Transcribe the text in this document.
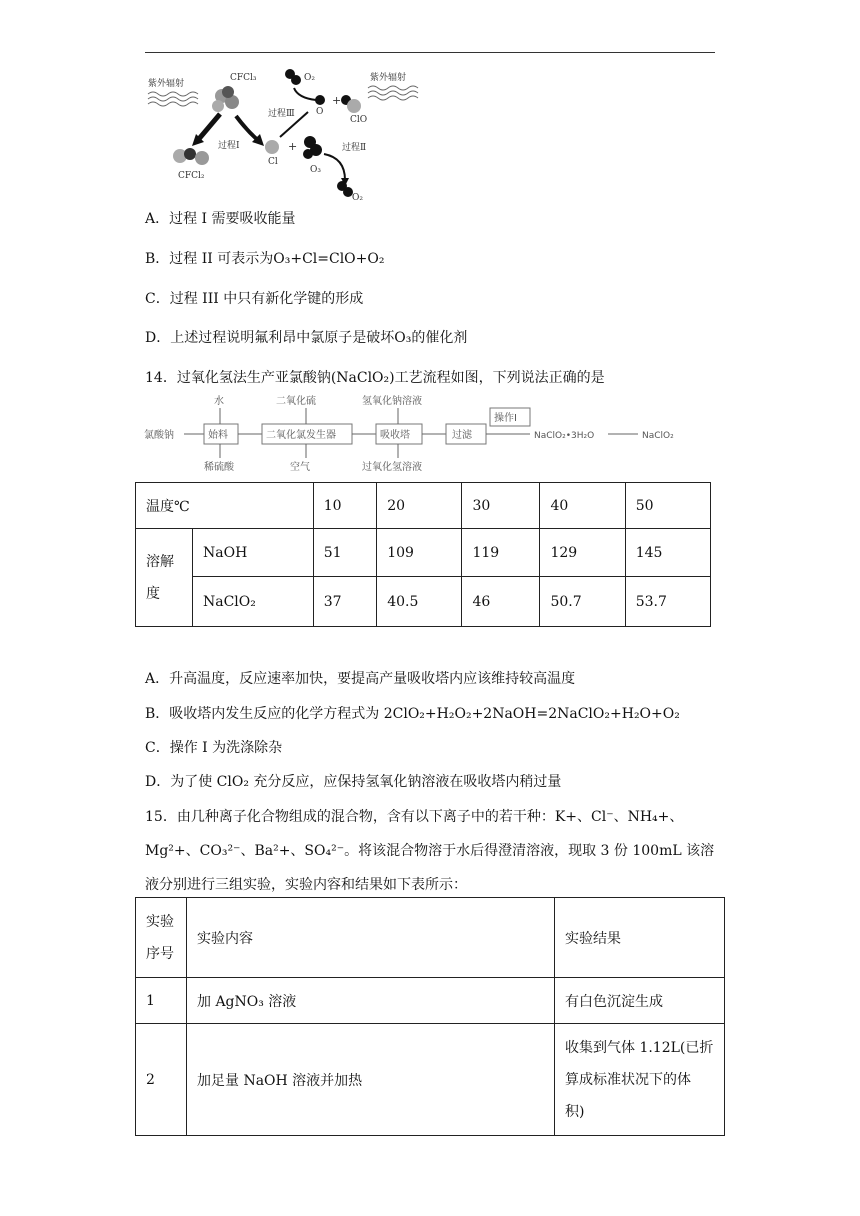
紫外辐射
CFCl₃
过程Ⅰ
CFCl₂
Cl
+
O₃
过程Ⅱ
O₂
过程Ⅲ
O₂
O
+
ClO
紫外辐射
A．过程 I 需要吸收能量
B．过程 II 可表示为O₃+Cl=ClO+O₂
C．过程 III 中只有新化学键的形成
D．上述过程说明氟利昂中氯原子是破坏O₃的催化剂
14．过氧化氢法生产亚氯酸钠(NaClO₂)工艺流程如图，下列说法正确的是
氯酸钠	始料
水
稀硫酸
二氧化氯发生器
二氧化硫
空气
吸收塔
氢氧化钠溶液
过氧化氢溶液
过滤
操作Ⅰ
NaClO₂•3H₂O	NaClO₂
温度℃		10	20	30	40	50

溶解
度	NaOH	51	109	119	129	145
	NaClO₂	37	40.5	46	50.7	53.7
A．升高温度，反应速率加快，要提高产量吸收塔内应该维持较高温度
B．吸收塔内发生反应的化学方程式为 2ClO₂+H₂O₂+2NaOH=2NaClO₂+H₂O+O₂
C．操作 I 为洗涤除杂
D．为了使 ClO₂ 充分反应，应保持氢氧化钠溶液在吸收塔内稍过量
15．由几种离子化合物组成的混合物，含有以下离子中的若干种：K+、Cl⁻、NH₄+、
Mg²+、CO₃²⁻、Ba²+、SO₄²⁻。将该混合物溶于水后得澄清溶液，现取 3 份 100mL 该溶
液分别进行三组实验，实验内容和结果如下表所示：
实验
序号	实验内容	实验结果
1	加 AgNO₃ 溶液	有白色沉淀生成
2	加足量 NaOH 溶液并加热	收集到气体 1.12L(已折
算成标准状况下的体
积)
